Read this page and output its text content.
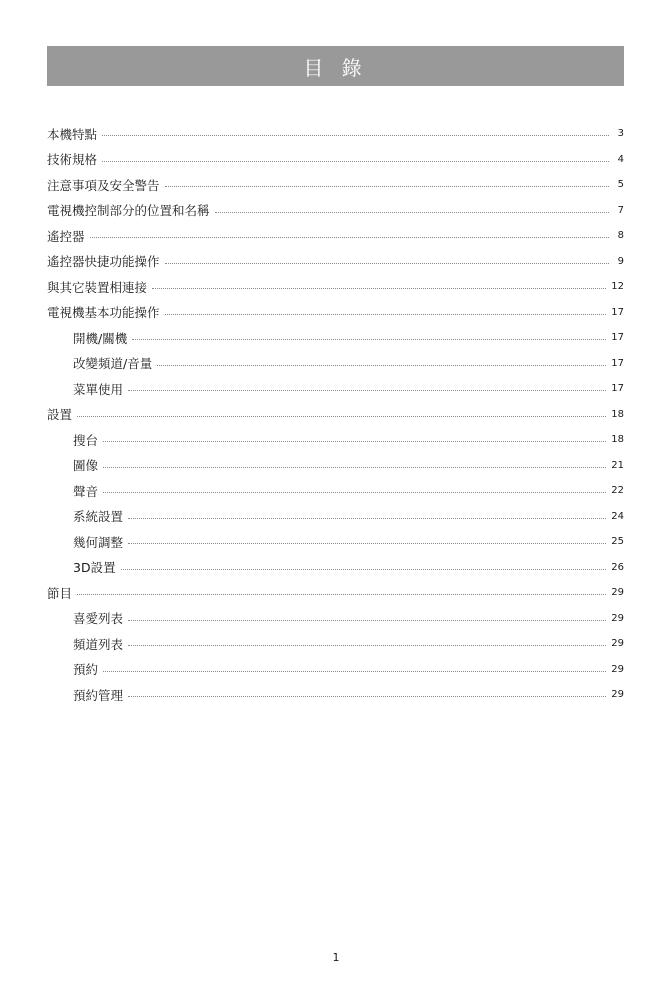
目 錄
本機特點	3
技術規格	4
注意事項及安全警告	5
電視機控制部分的位置和名稱	7
遙控器	8
遙控器快捷功能操作	9
與其它裝置相連接	12
電視機基本功能操作	17
開機/關機	17
改變頻道/音量	17
菜單使用	17
設置	18
搜台	18
圖像	21
聲音	22
系統設置	24
幾何調整	25
3D設置	26
節目	29
喜愛列表	29
頻道列表	29
預約	29
預約管理	29
1
